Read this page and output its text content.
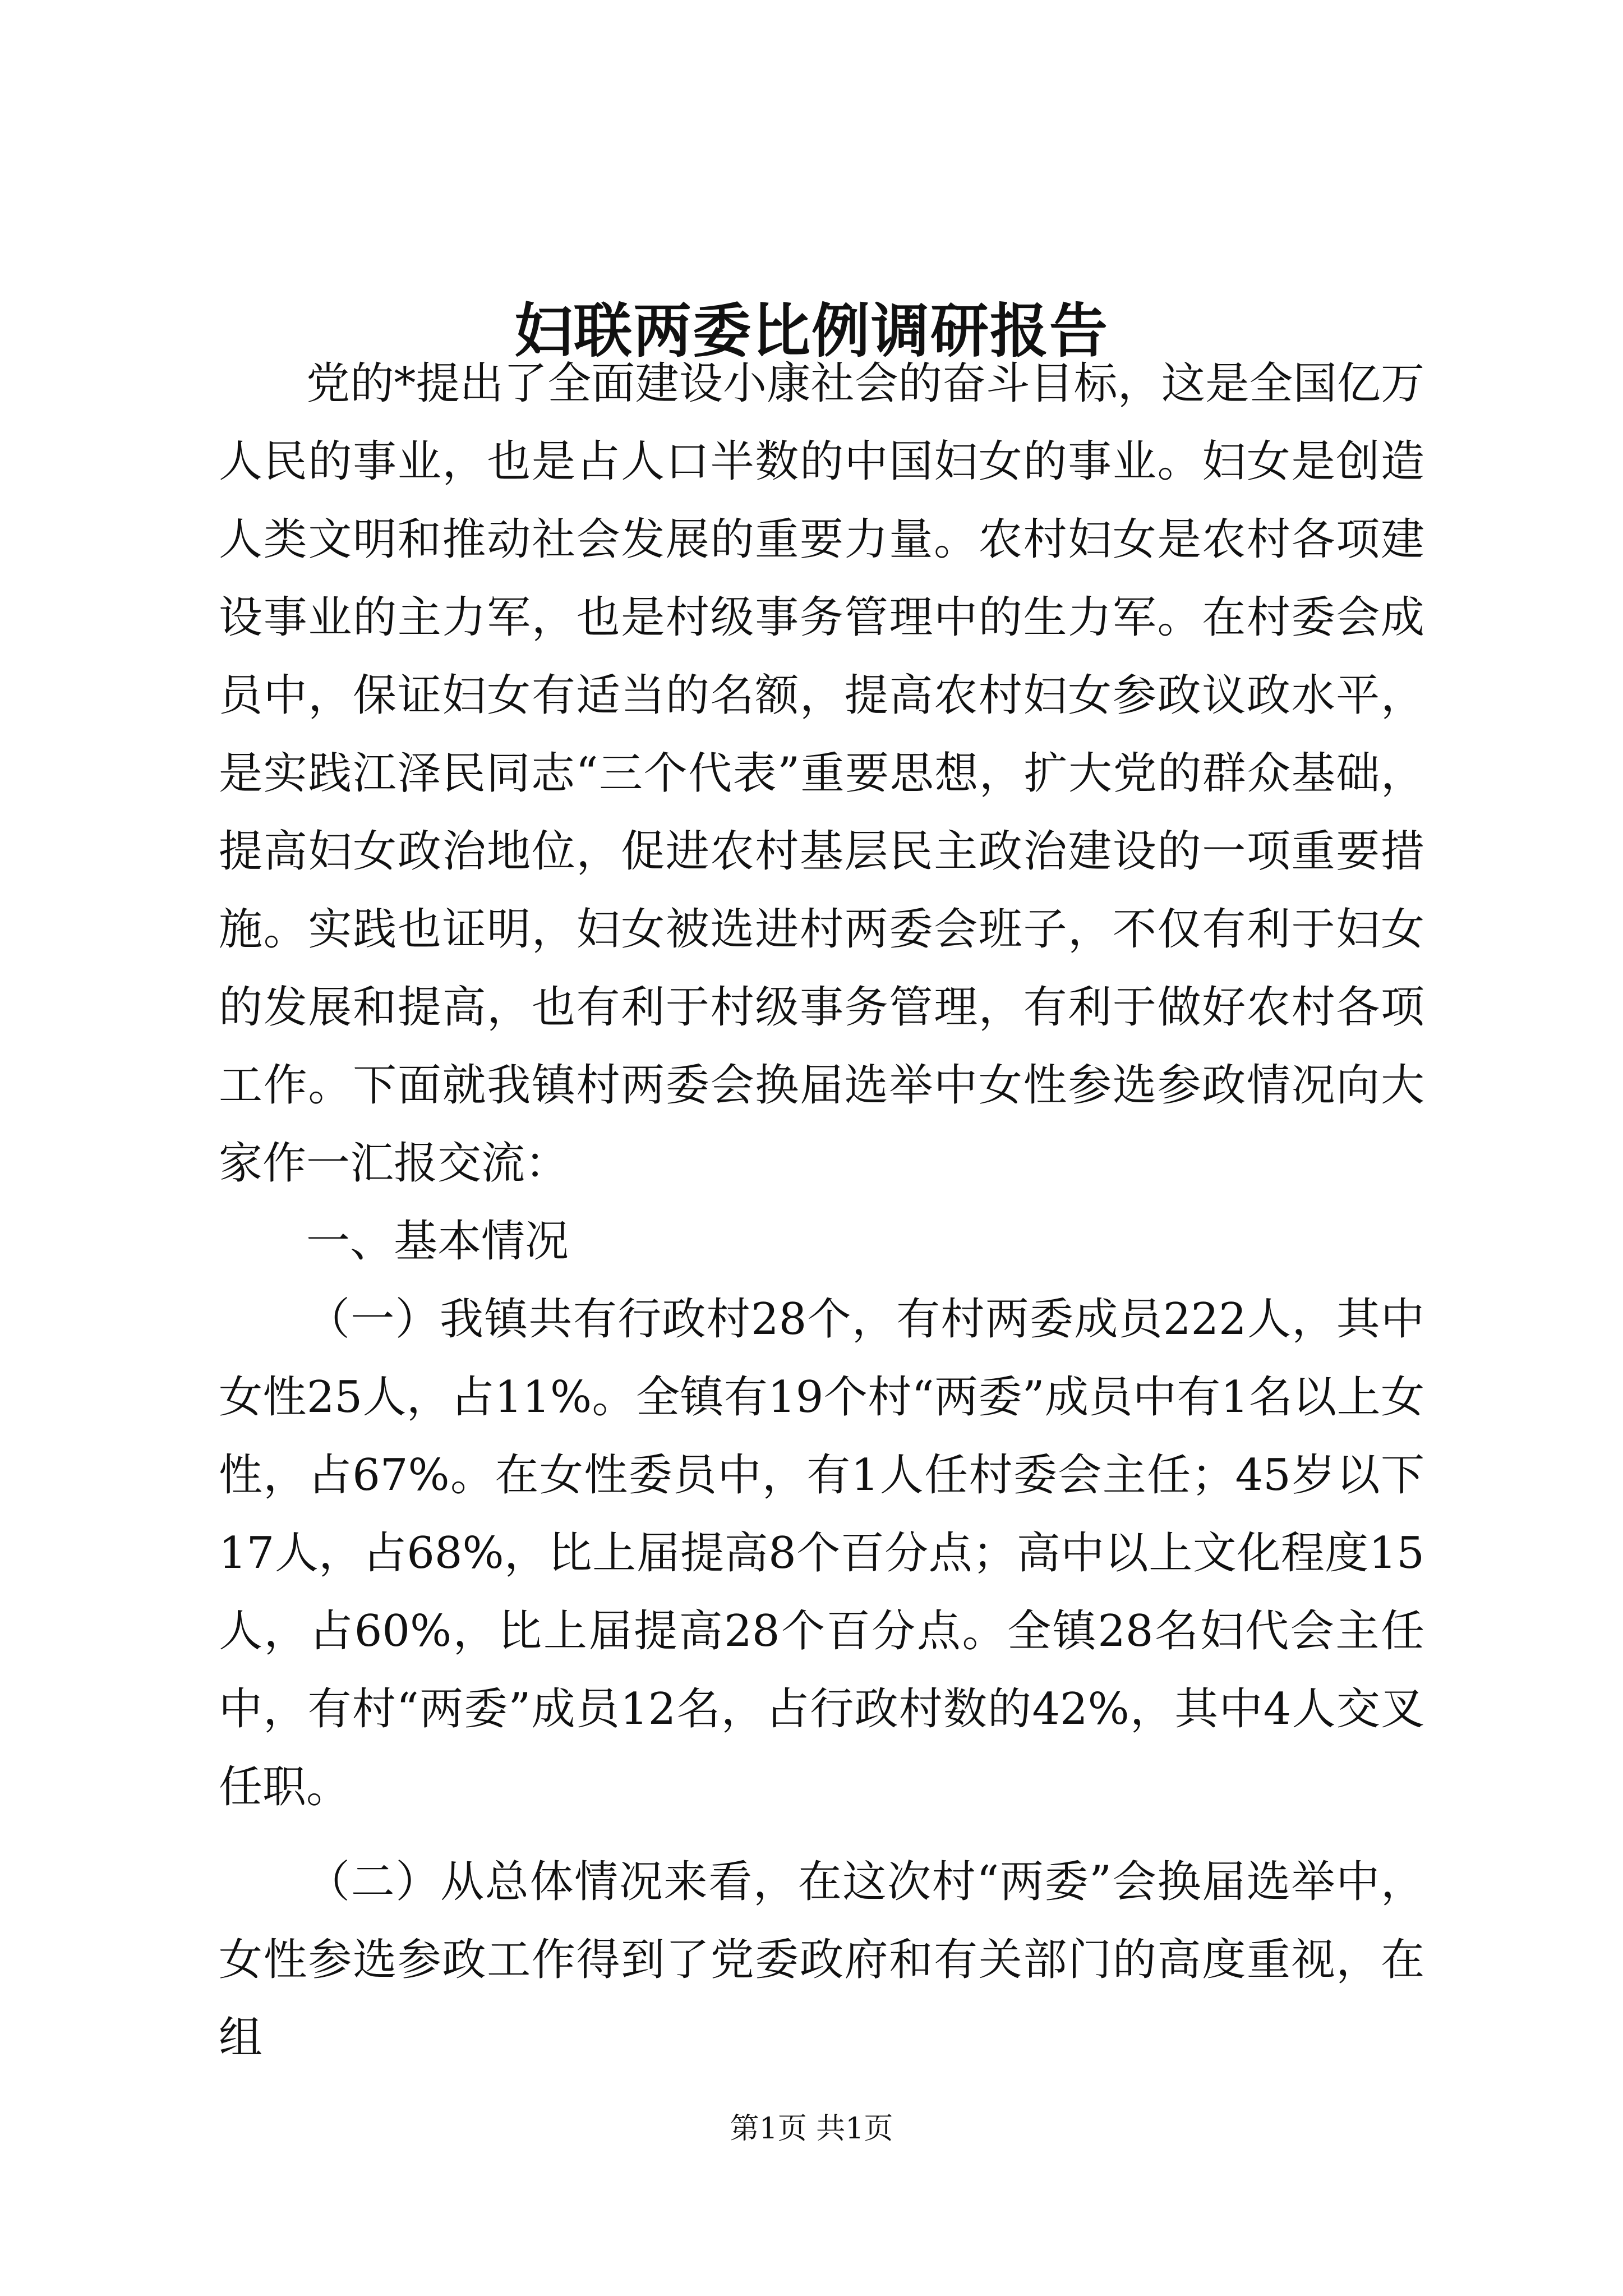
妇联两委比例调研报告

党的*提出了全面建设小康社会的奋斗目标，这是全国亿万人民的事业，也是占人口半数的中国妇女的事业。妇女是创造人类文明和推动社会发展的重要力量。农村妇女是农村各项建设事业的主力军，也是村级事务管理中的生力军。在村委会成员中，保证妇女有适当的名额，提高农村妇女参政议政水平，是实践江泽民同志“三个代表”重要思想，扩大党的群众基础，提高妇女政治地位，促进农村基层民主政治建设的一项重要措施。实践也证明，妇女被选进村两委会班子，不仅有利于妇女的发展和提高，也有利于村级事务管理，有利于做好农村各项工作。下面就我镇村两委会换届选举中女性参选参政情况向大家作一汇报交流：

一、基本情况

（一）我镇共有行政村28个，有村两委成员222人，其中女性25人，占11%。全镇有19个村“两委”成员中有1名以上女性，占67%。在女性委员中，有1人任村委会主任；45岁以下17人，占68%，比上届提高8个百分点；高中以上文化程度15人，占60%，比上届提高28个百分点。全镇28名妇代会主任中，有村“两委”成员12名，占行政村数的42%，其中4人交叉任职。

（二）从总体情况来看，在这次村“两委”会换届选举中，女性参选参政工作得到了党委政府和有关部门的高度重视，在组

第1页 共1页
